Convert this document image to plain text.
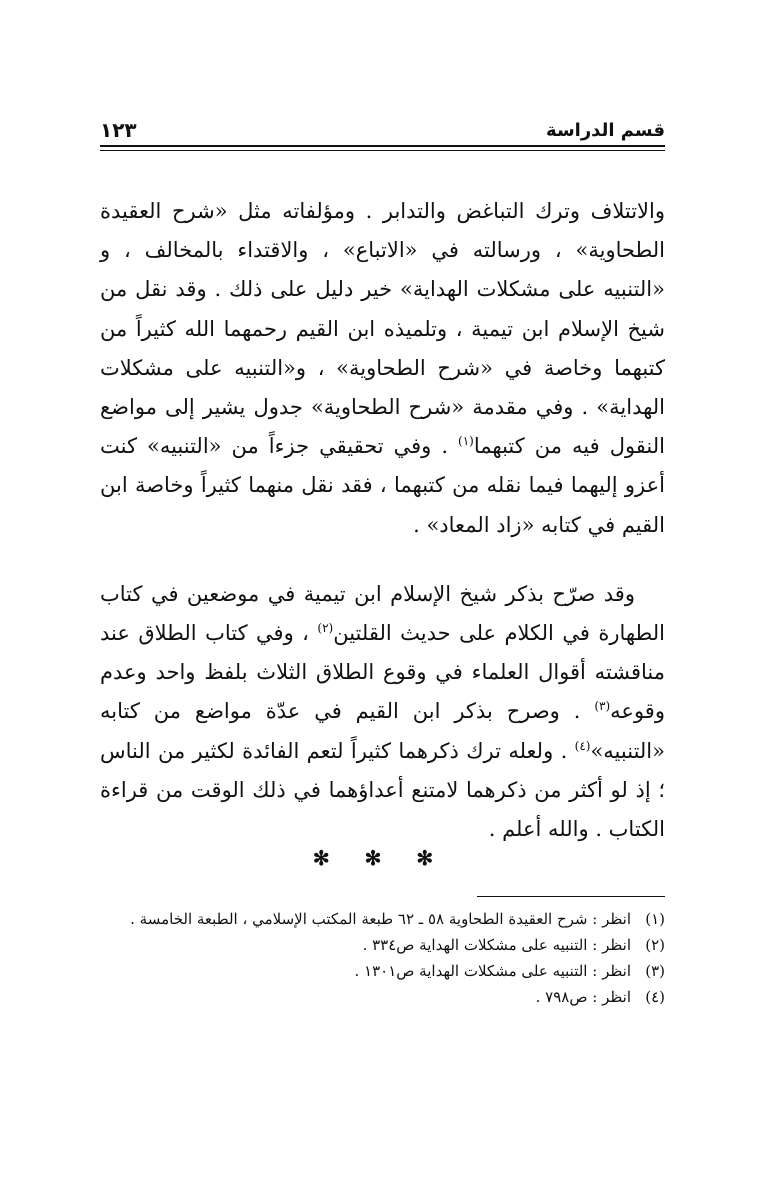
قسم الدراسة
١٢٣

والاتتلاف وترك التباغض والتدابر . ومؤلفاته مثل «شرح العقيدة الطحاوية» ، ورسالته في «الاتباع» ، والاقتداء بالمخالف ، و «التنبيه على مشكلات الهداية» خير دليل على ذلك . وقد نقل من شيخ الإسلام ابن تيمية ، وتلميذه ابن القيم رحمهما الله كثيراً من كتبهما وخاصة في «شرح الطحاوية» ، و«التنبيه على مشكلات الهداية» . وفي مقدمة «شرح الطحاوية» جدول يشير إلى مواضع النقول فيه من كتبهما$^{(١)}$ . وفي تحقيقي جزءاً من «التنبيه» كنت أعزو إليهما فيما نقله من كتبهما ، فقد نقل منهما كثيراً وخاصة ابن القيم في كتابه «زاد المعاد» .

وقد صرّح بذكر شيخ الإسلام ابن تيمية في موضعين في كتاب الطهارة في الكلام على حديث القلتين$^{(٢)}$ ، وفي كتاب الطلاق عند مناقشته أقوال العلماء في وقوع الطلاق الثلاث بلفظ واحد وعدم وقوعه$^{(٣)}$ . وصرح بذكر ابن القيم في عدّة مواضع من كتابه «التنبيه»$^{(٤)}$ . ولعله ترك ذكرهما كثيراً لتعم الفائدة لكثير من الناس ؛ إذ لو أكثر من ذكرهما لامتنع أعداؤهما في ذلك الوقت من قراءة الكتاب . والله أعلم .

✻ ✻ ✻
(١)انظر : شرح العقيدة الطحاوية ٥٨ ـ ٦٢ طبعة المكتب الإسلامي ، الطبعة الخامسة .
(٢)انظر : التنبيه على مشكلات الهداية ص٣٣٤ .
(٣)انظر : التنبيه على مشكلات الهداية ص١٣٠١ .
(٤)انظر : ص٧٩٨ .
